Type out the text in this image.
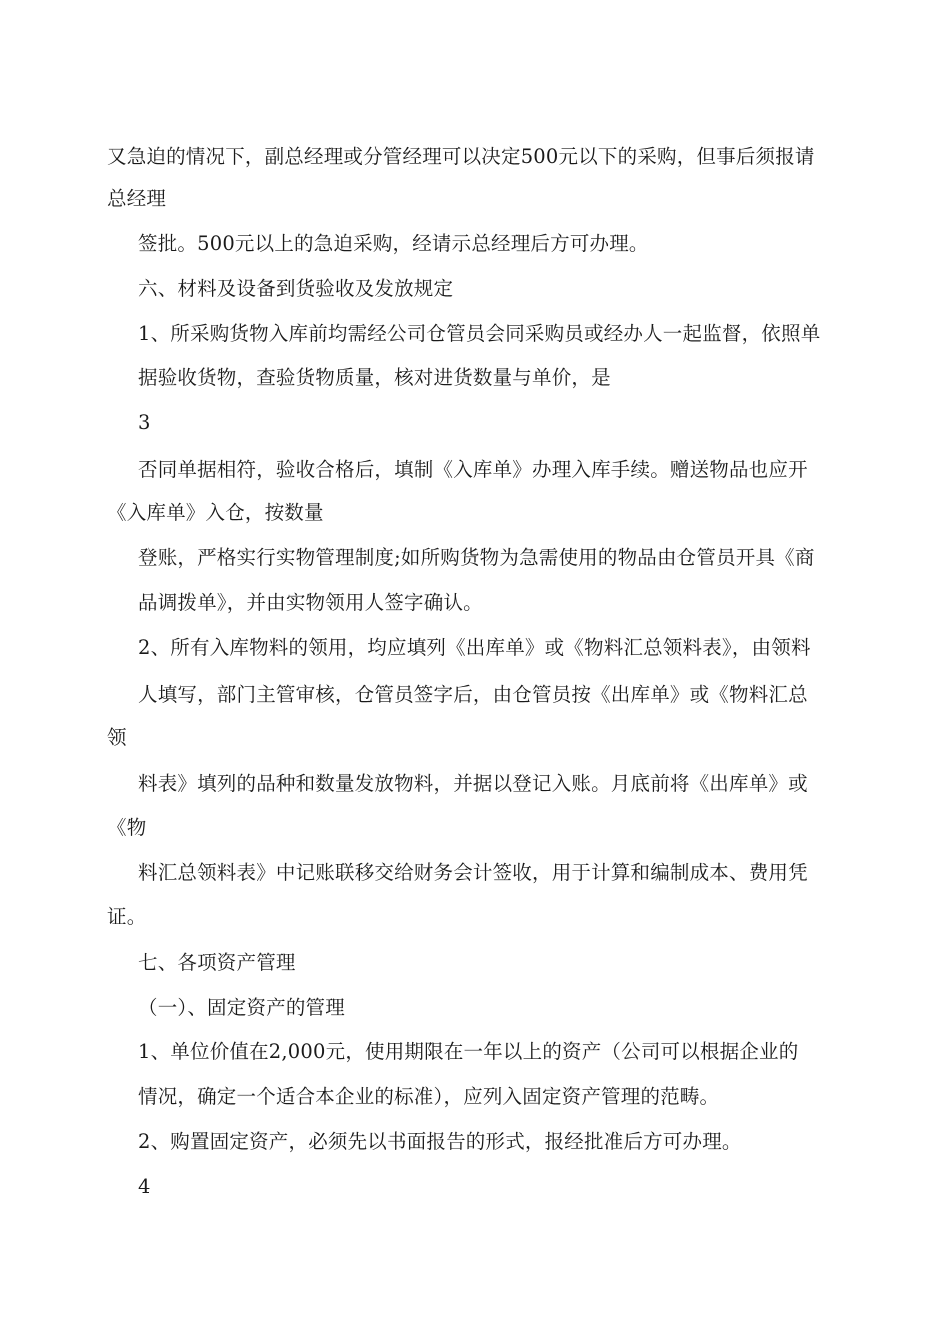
又急迫的情况下，副总经理或分管经理可以决定500元以下的采购，但事后须报请
总经理
签批。500元以上的急迫采购，经请示总经理后方可办理。
六、材料及设备到货验收及发放规定
1、所采购货物入库前均需经公司仓管员会同采购员或经办人一起监督，依照单
据验收货物，查验货物质量，核对进货数量与单价，是
3
否同单据相符，验收合格后，填制《入库单》办理入库手续。赠送物品也应开
《入库单》入仓，按数量
登账，严格实行实物管理制度;如所购货物为急需使用的物品由仓管员开具《商
品调拨单》，并由实物领用人签字确认。
2、所有入库物料的领用，均应填列《出库单》或《物料汇总领料表》，由领料
人填写，部门主管审核，仓管员签字后，由仓管员按《出库单》或《物料汇总
领
料表》填列的品种和数量发放物料，并据以登记入账。月底前将《出库单》或
《物
料汇总领料表》中记账联移交给财务会计签收，用于计算和编制成本、费用凭
证。
七、各项资产管理
（一）、固定资产的管理
1、单位价值在2,000元，使用期限在一年以上的资产（公司可以根据企业的
情况，确定一个适合本企业的标准），应列入固定资产管理的范畴。
2、购置固定资产，必须先以书面报告的形式，报经批准后方可办理。
4
